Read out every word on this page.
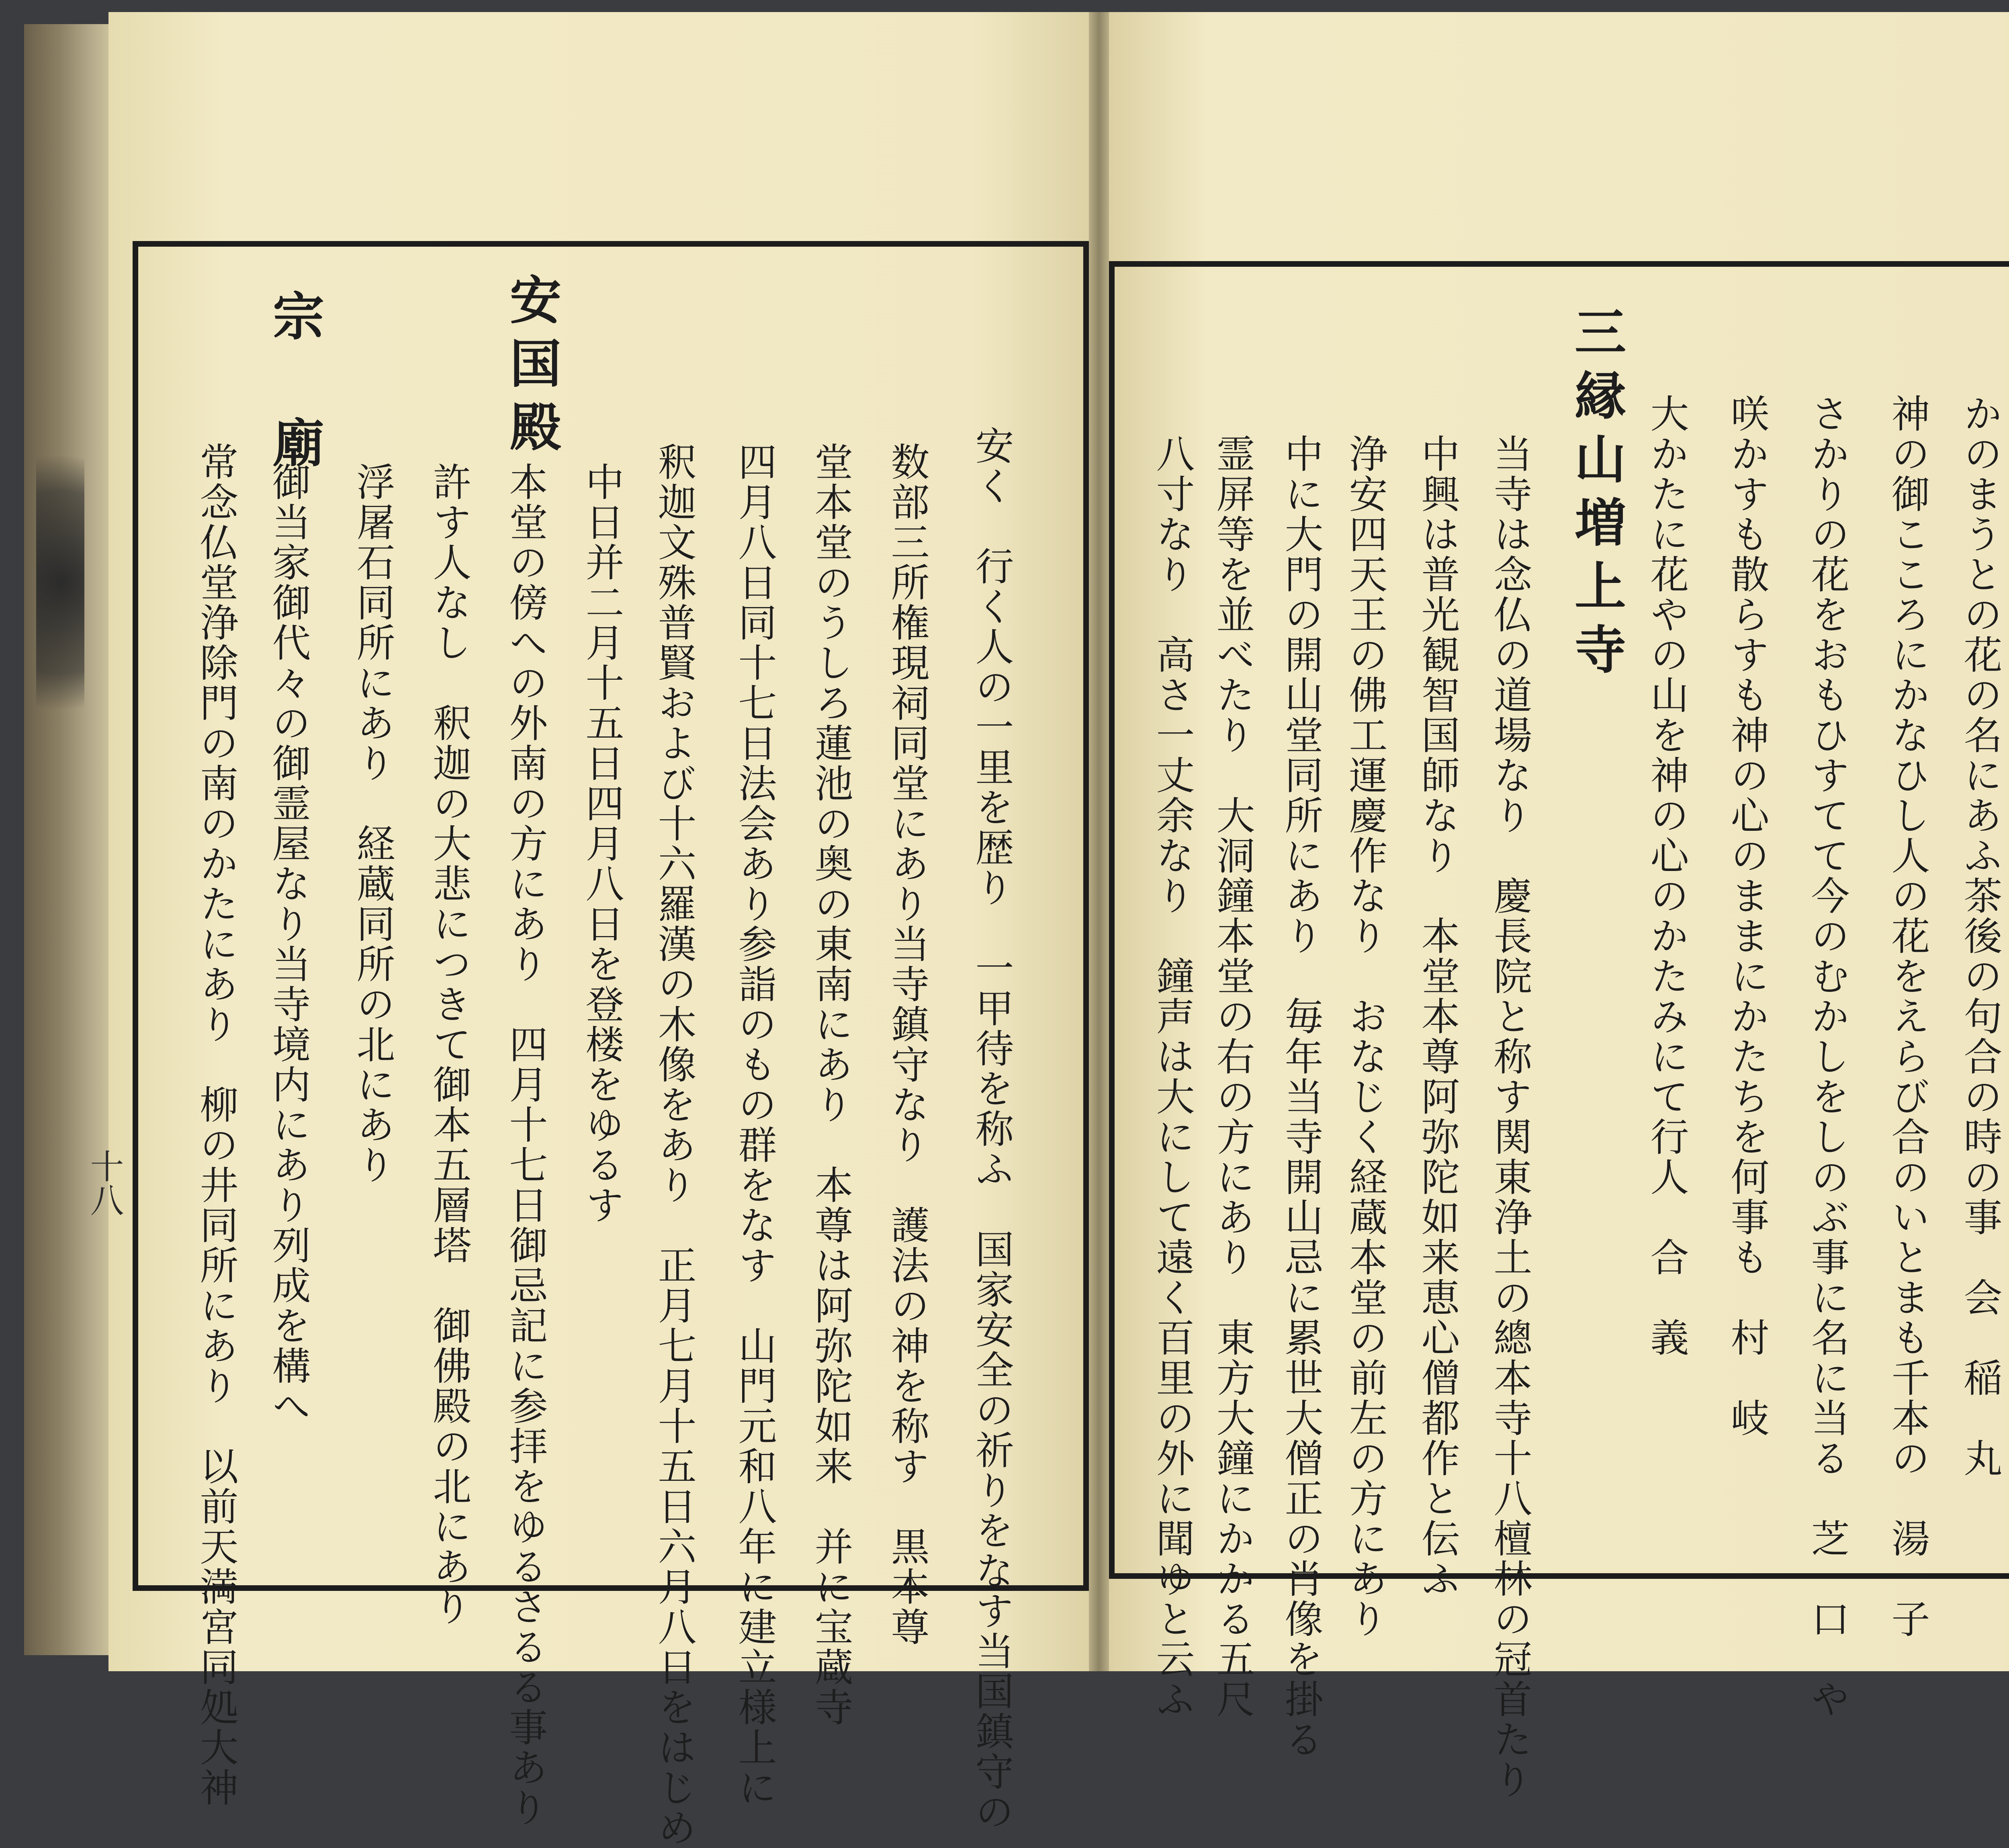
宗　廟
常念仏堂浄除門の南のかたにあり　柳の井同所にあり　以前天満宮同処大神 御当家御代々の御霊屋なり当寺境内にあり列成を構へ 浮屠石同所にあり　経蔵同所の北にあり 許す人なし　釈迦の大悲につきて御本五層塔　御佛殿の北にあり 本堂の傍への外南の方にあり　四月十七日御忌記に参拝をゆるさるる事あり
安国殿
中日并二月十五日四月八日を登楼をゆるす 釈迦文殊普賢および十六羅漢の木像をあり　正月七月十五日六月八日をはじめ 四月八日同十七日法会あり参詣のもの群をなす　山門元和八年に建立様上に 堂本堂のうしろ蓮池の奥の東南にあり　本尊は阿弥陀如来　并に宝蔵寺 数部三所権現祠同堂にあり当寺鎮守なり　護法の神を称す　黒本尊 安く　行く人の一里を歴り　一甲待を称ふ　国家安全の祈りをなす当国鎮守の
十八	八寸なり　高さ一丈余なり　鐘声は大にして遠く百里の外に聞ゆと云ふ 霊屏等を並べたり　大洞鐘本堂の右の方にあり　東方大鐘にかかる五尺 中に大門の開山堂同所にあり　毎年当寺開山忌に累世大僧正の肖像を掛る 浄安四天王の佛工運慶作なり　おなじく経蔵本堂の前左の方にあり 中興は普光観智国師なり　本堂本尊阿弥陀如来恵心僧都作と伝ふ 当寺は念仏の道場なり　慶長院と称す関東浄土の總本寺十八檀林の冠首たり 三縁山増上寺 大かたに花やの山を神の心のかたみにて行人　合　義 咲かすも散らすも神の心のままにかたちを何事も　村　岐 さかりの花をおもひすてて今のむかしをしのぶ事に名に当る　芝　口　や 神の御こころにかなひし人の花をえらび合のいとまも千本の　湯　子 かのまうとの花の名にあふ茶後の句合の時の事　会　稲　丸
